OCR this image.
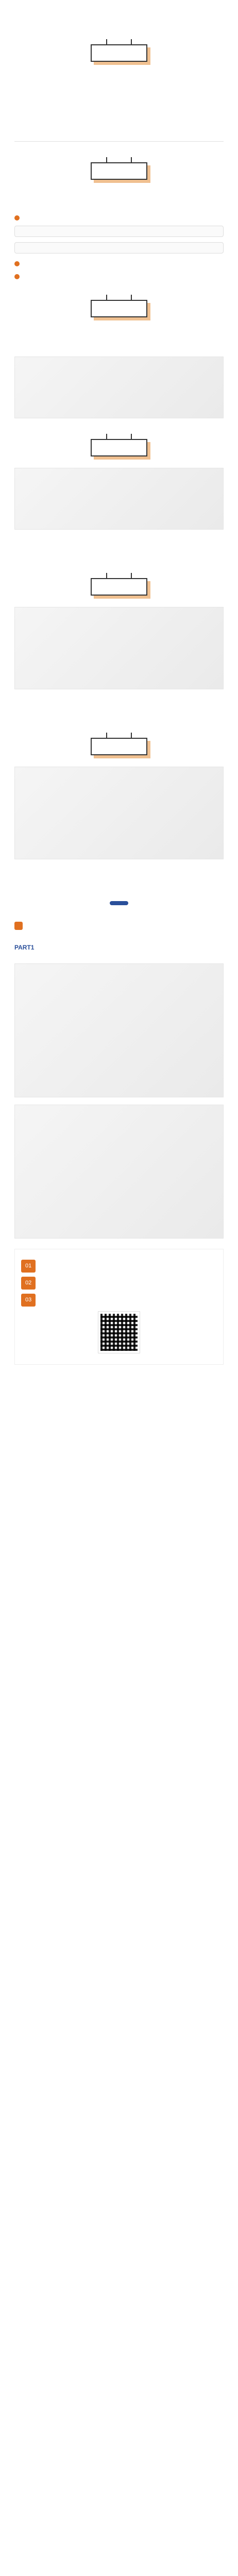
PART1
01
02
03
